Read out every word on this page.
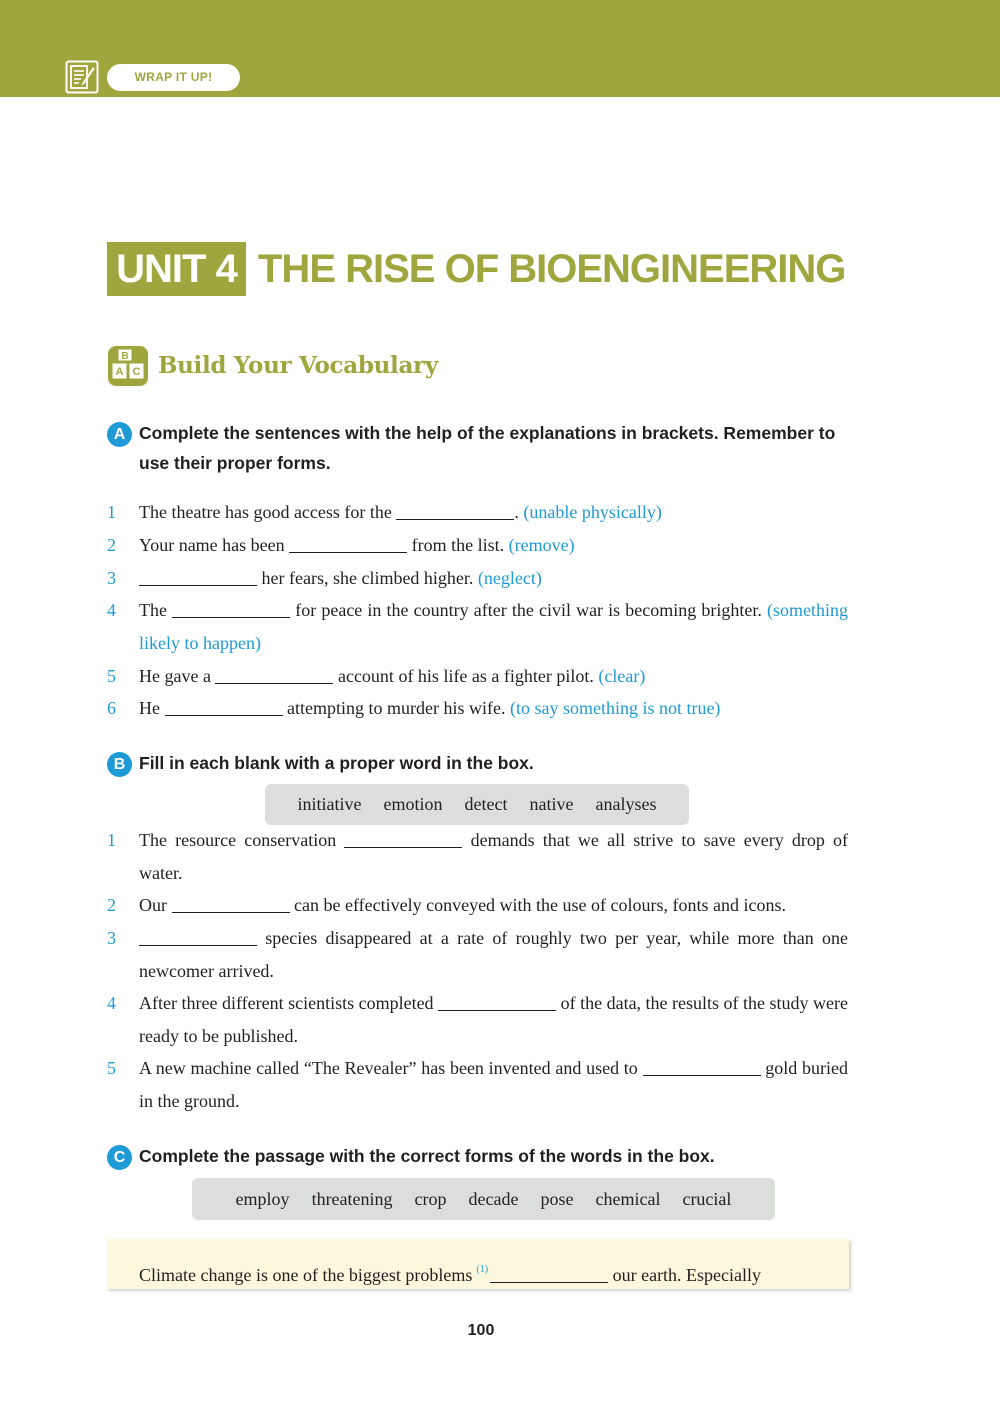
WRAP IT UP!
UNIT 4 THE RISE OF BIOENGINEERING
B
A C Build Your Vocabulary
A Complete the sentences with the help of the explanations in brackets. Remember to use their proper forms.
1	The theatre has good access for the	. (unable physically)
2	Your name has been	from the list. (remove)
3	her fears, she climbed higher. (neglect)
4	The	for peace in the country after the civil war is becoming brighter. (something likely to happen)
5	He gave a	account of his life as a fighter pilot. (clear)
6	He	attempting to murder his wife. (to say something is not true)
B Fill in each blank with a proper word in the box.
initiative emotion detect native analyses
1	The resource conservation	demands that we all strive to save every drop of water.
2	Our	can be effectively conveyed with the use of colours, fonts and icons.
3	species disappeared at a rate of roughly two per year, while more than one newcomer arrived.
4	After three different scientists completed	of the data, the results of the study were ready to be published.
5	A new machine called “The Revealer” has been invented and used to	gold buried in the ground.
C Complete the passage with the correct forms of the words in the box.
employ threatening crop decade pose chemical crucial
Climate change is one of the biggest problems $^{(1)}$	our earth. Especially
100
